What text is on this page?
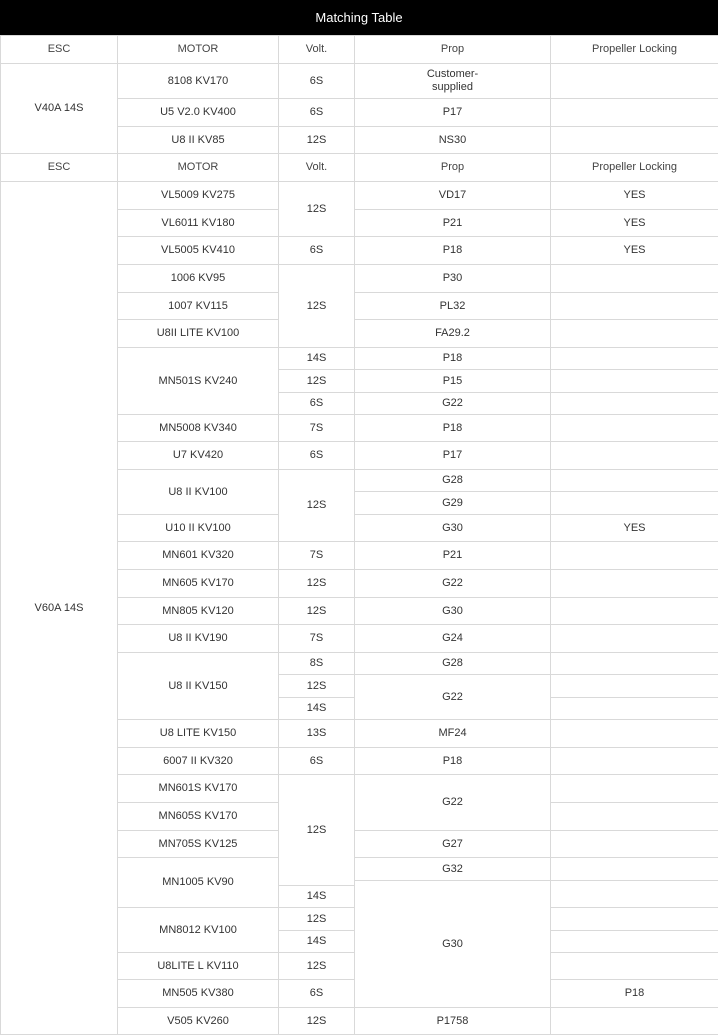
Matching Table
ESC	MOTOR	Volt.	Prop	Propeller Locking	
V40A 14S	8108 KV170	6S	Customer-supplied		
	U5 V2.0 KV400	6S	P17		
	U8 II KV85	12S	NS30		
ESC	MOTOR	Volt.	Prop	Propeller Locking	
V60A 14S	VL5009 KV275	12S	VD17	YES	
	VL6011 KV180		P21	YES	
	VL5005 KV410	6S	P18	YES	
	1006 KV95	12S	P30		
	1007 KV115		PL32		
	U8II LITE KV100		FA29.2		
	MN501S KV240	14S	P18		
		12S	P15		
		6S	G22		
	MN5008 KV340	7S	P18		
	U7 KV420	6S	P17		
	U8 II KV100	12S	G28		
			G29		
	U10 II KV100		G30	YES	
	MN601 KV320	7S	P21		
	MN605 KV170	12S	G22		
	MN805 KV120	12S	G30		
	U8 II KV190	7S	G24		
	U8 II KV150	8S	G28		
		12S	G22		
		14S			
	U8 LITE KV150	13S	MF24		
	6007 II KV320	6S	P18		
	MN601S KV170	12S	G22		
	MN605S KV170				
	MN705S KV125		G27		
	MN1005 KV90		G32		
			G30		
		14S			
	MN8012 KV100	12S			
		14S			
	U8LITE L KV110	12S			
	MN505 KV380	6S		P18	
	V505 KV260	12S	P1758		
